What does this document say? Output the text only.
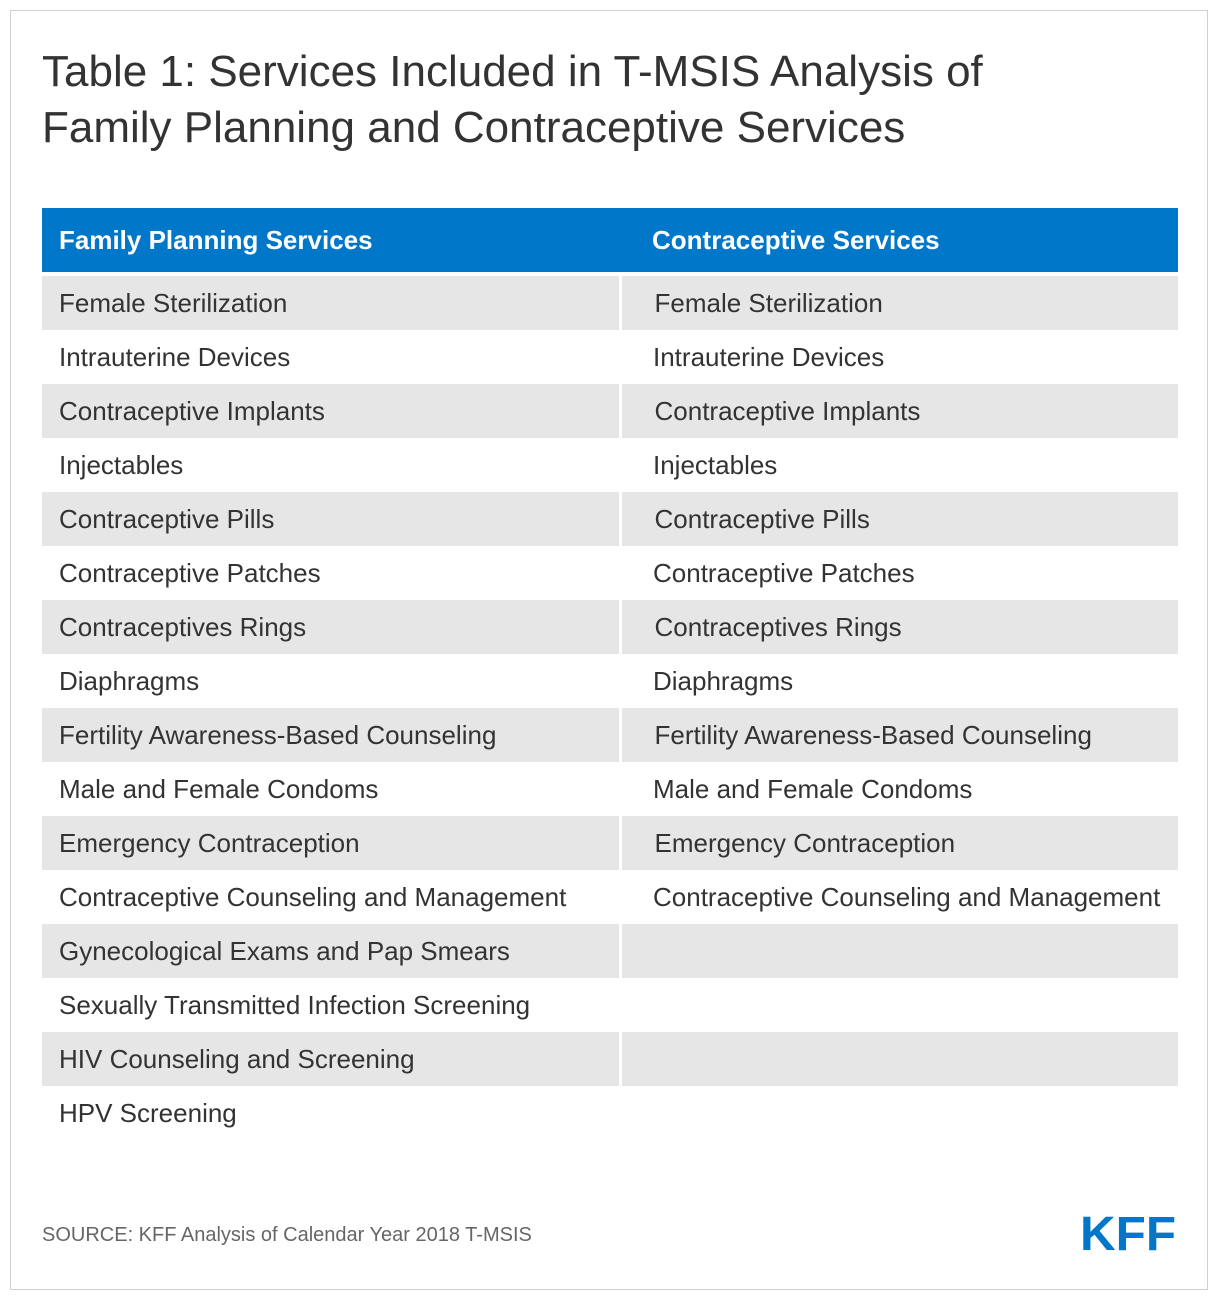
Table 1: Services Included in T-MSIS Analysis of
Family Planning and Contraceptive Services
Family Planning Services	Contraceptive Services

Female Sterilization	Female Sterilization
Intrauterine Devices	Intrauterine Devices
Contraceptive Implants	Contraceptive Implants
Injectables	Injectables
Contraceptive Pills	Contraceptive Pills
Contraceptive Patches	Contraceptive Patches
Contraceptives Rings	Contraceptives Rings
Diaphragms	Diaphragms
Fertility Awareness-Based Counseling	Fertility Awareness-Based Counseling
Male and Female Condoms	Male and Female Condoms
Emergency Contraception	Emergency Contraception
Contraceptive Counseling and Management	Contraceptive Counseling and Management
Gynecological Exams and Pap Smears	
Sexually Transmitted Infection Screening	
HIV Counseling and Screening	
HPV Screening	
SOURCE: KFF Analysis of Calendar Year 2018 T-MSIS	KFF
